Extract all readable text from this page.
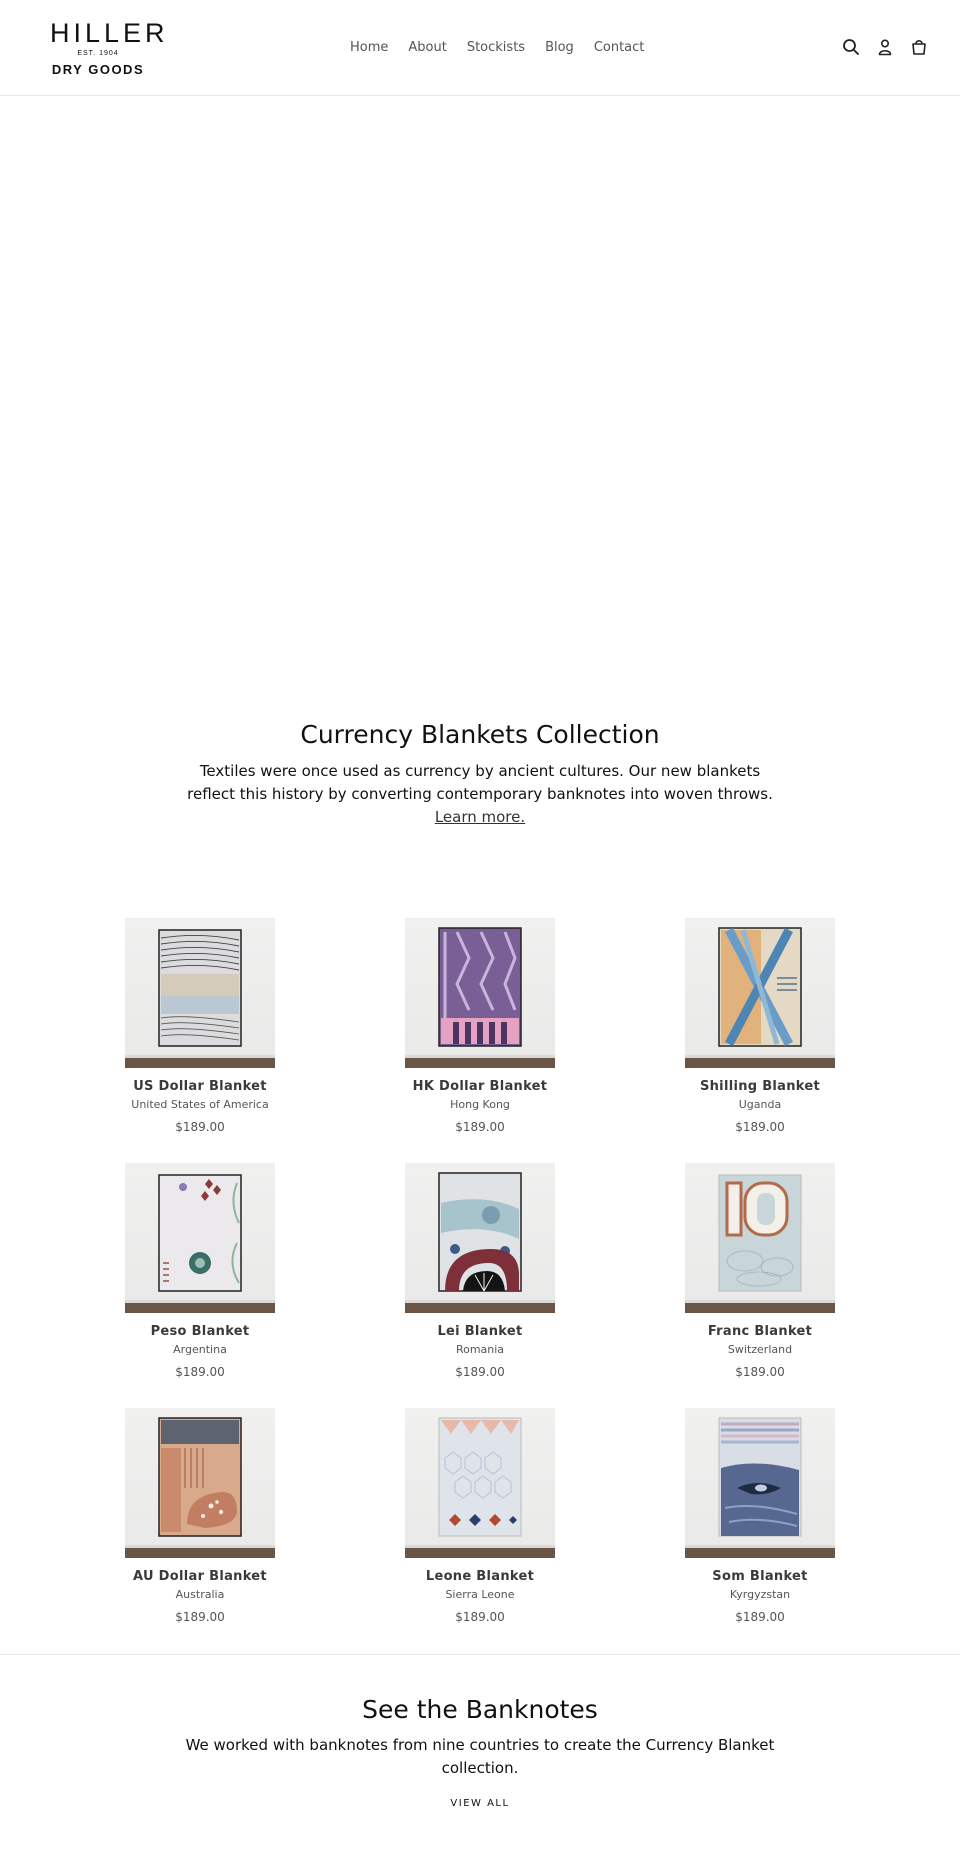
HILLER
EST. 1904
DRY GOODS
Home	About	Stockists	Blog	Contact
Currency Blankets Collection

Textiles were once used as currency by ancient cultures. Our new blankets reflect this history by converting contemporary banknotes into woven throws. Learn more.

US Dollar Blanket
United States of America
$189.00
HK Dollar Blanket
Hong Kong
$189.00
Shilling Blanket
Uganda
$189.00
Peso Blanket
Argentina
$189.00
Lei Blanket
Romania
$189.00
Franc Blanket
Switzerland
$189.00
AU Dollar Blanket
Australia
$189.00
Leone Blanket
Sierra Leone
$189.00
Som Blanket
Kyrgyzstan
$189.00
See the Banknotes

We worked with banknotes from nine countries to create the Currency Blanket collection.

VIEW ALL
